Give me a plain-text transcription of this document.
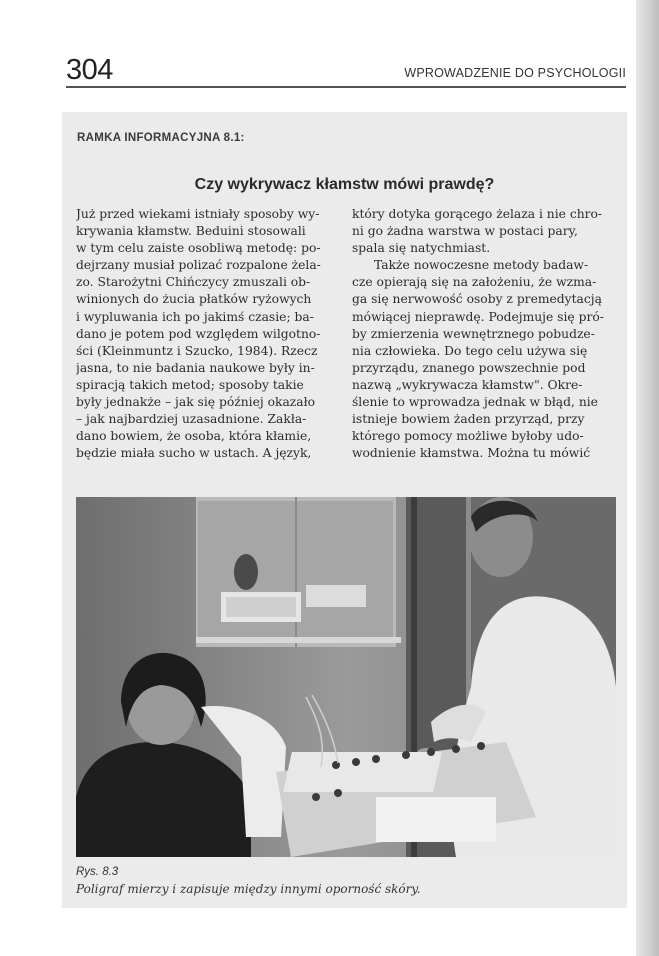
304	WPROWADZENIE DO PSYCHOLOGII
RAMKA INFORMACYJNA 8.1:
Czy wykrywacz kłamstw mówi prawdę?
Już przed wiekami istniały sposoby wy-
krywania kłamstw. Beduini stosowali
w tym celu zaiste osobliwą metodę: po-
dejrzany musiał polizać rozpalone żela-
zo. Starożytni Chińczycy zmuszali ob-
winionych do żucia płatków ryżowych
i wypluwania ich po jakimś czasie; ba-
dano je potem pod względem wilgotno-
ści (Kleinmuntz i Szucko, 1984). Rzecz
jasna, to nie badania naukowe były in-
spiracją takich metod; sposoby takie
były jednakże – jak się później okazało
– jak najbardziej uzasadnione. Zakła-
dano bowiem, że osoba, która kłamie,
będzie miała sucho w ustach. A język,
który dotyka gorącego żelaza i nie chro-
ni go żadna warstwa w postaci pary,
spala się natychmiast.
Także nowoczesne metody badaw-
cze opierają się na założeniu, że wzma-
ga się nerwowość osoby z premedytacją
mówiącej nieprawdę. Podejmuje się pró-
by zmierzenia wewnętrznego pobudze-
nia człowieka. Do tego celu używa się
przyrządu, znanego powszechnie pod
nazwą „wykrywacza kłamstw". Okre-
ślenie to wprowadza jednak w błąd, nie
istnieje bowiem żaden przyrząd, przy
którego pomocy możliwe byłoby udo-
wodnienie kłamstwa. Można tu mówić
Rys. 8.3
Poligraf mierzy i zapisuje między innymi oporność skóry.
